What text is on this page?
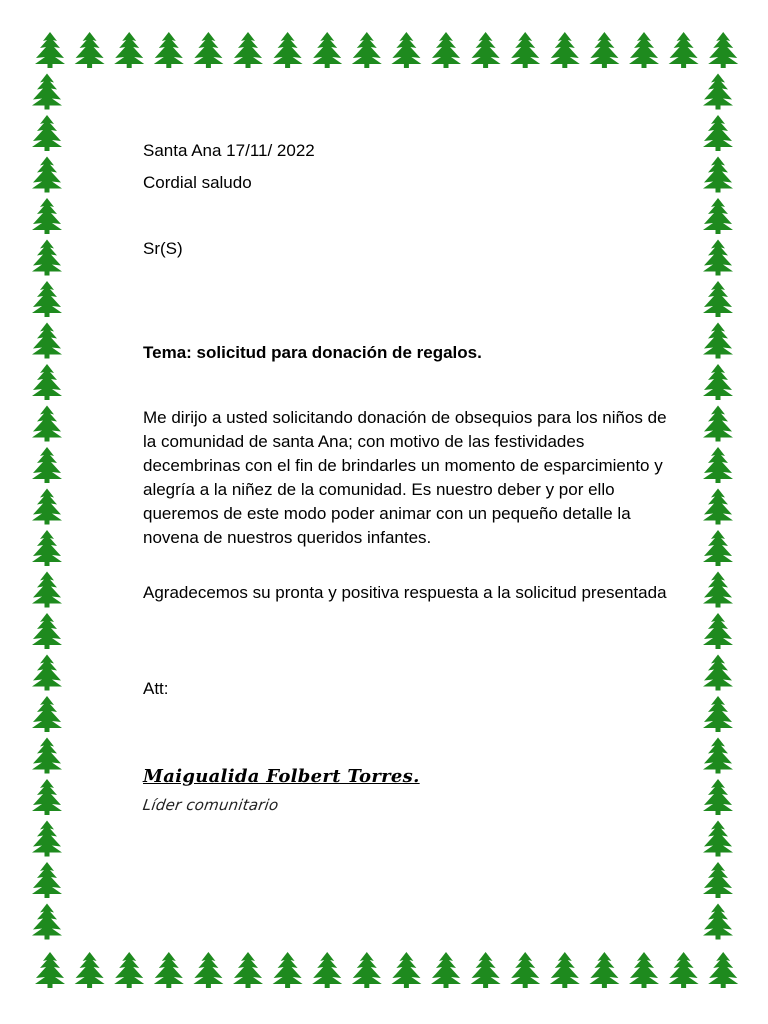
Santa Ana 17/11/ 2022
Cordial saludo
Sr(S)
Tema: solicitud para donación de regalos.
Me dirijo a usted solicitando donación de obsequios para los niños de
la comunidad de santa Ana; con motivo de las festividades
decembrinas con el fin de brindarles un momento de esparcimiento y
alegría a la niñez de la comunidad. Es nuestro deber y por ello
queremos de este modo poder animar con un pequeño detalle la
novena de nuestros queridos infantes.
Agradecemos su pronta y positiva respuesta a la solicitud presentada
Att:
Maigualida Folbert Torres.
Líder comunitario
